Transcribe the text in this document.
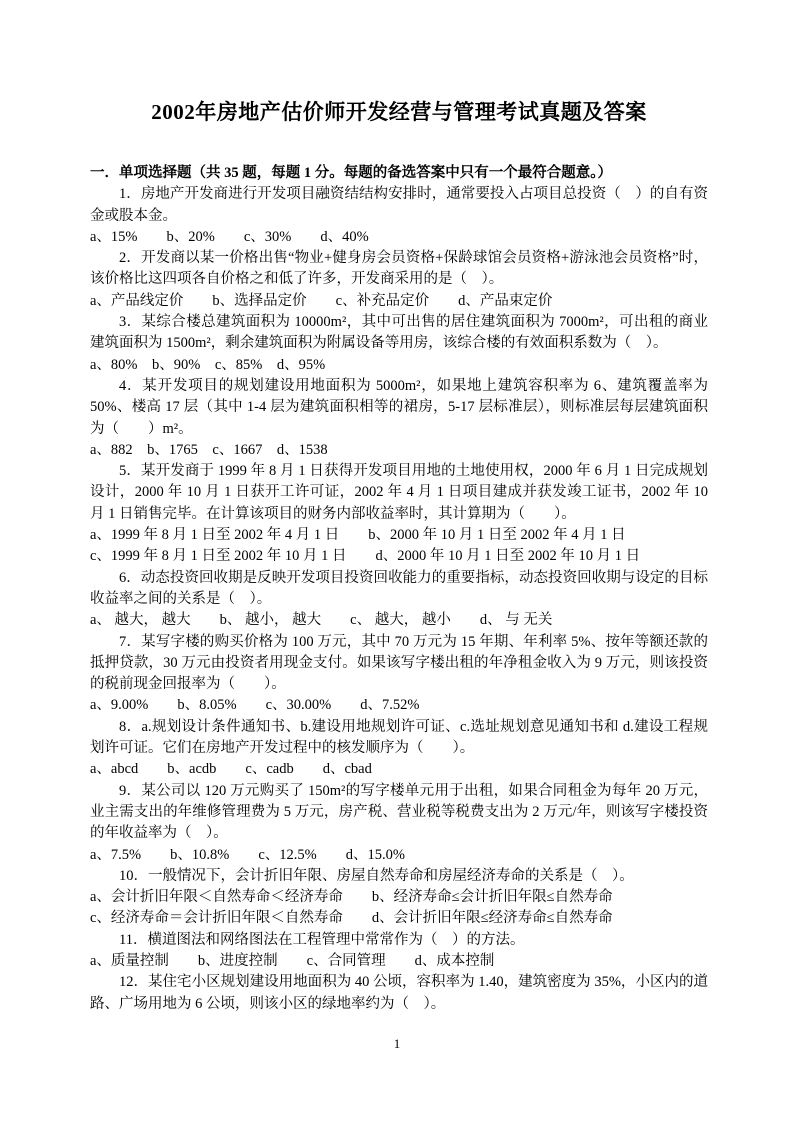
2002年房地产估价师开发经营与管理考试真题及答案

一．单项选择题（共 35 题，每题 1 分。每题的备选答案中只有一个最符合题意。）

1．房地产开发商进行开发项目融资结结构安排时，通常要投入占项目总投资（　）的自有资金或股本金。

a、15%　　b、20%　　c、30%　　d、40%

2．开发商以某一价格出售“物业+健身房会员资格+保龄球馆会员资格+游泳池会员资格”时，该价格比这四项各自价格之和低了许多，开发商采用的是（　）。

a、产品线定价　　b、选择品定价　　c、补充品定价　　d、产品束定价

3．某综合楼总建筑面积为 10000m²，其中可出售的居住建筑面积为 7000m²，可出租的商业建筑面积为 1500m²，剩余建筑面积为附属设备等用房，该综合楼的有效面积系数为（　）。

a、80%　b、90%　c、85%　d、95%

4．某开发项目的规划建设用地面积为 5000m²，如果地上建筑容积率为 6、建筑覆盖率为 50%、楼高 17 层（其中 1-4 层为建筑面积相等的裙房，5-17 层标准层），则标准层每层建筑面积为（　　）m²。

a、882　b、1765　c、1667　d、1538

5．某开发商于 1999 年 8 月 1 日获得开发项目用地的土地使用权，2000 年 6 月 1 日完成规划设计，2000 年 10 月 1 日获开工许可证，2002 年 4 月 1 日项目建成并获发竣工证书，2002 年 10 月 1 日销售完毕。在计算该项目的财务内部收益率时，其计算期为（　　）。

a、1999 年 8 月 1 日至 2002 年 4 月 1 日　　b、2000 年 10 月 1 日至 2002 年 4 月 1 日

c、1999 年 8 月 1 日至 2002 年 10 月 1 日　　d、2000 年 10 月 1 日至 2002 年 10 月 1 日

6．动态投资回收期是反映开发项目投资回收能力的重要指标，动态投资回收期与设定的目标收益率之间的关系是（　）。

a、 越大， 越大　　b、 越小， 越大　　c、 越大， 越小　　d、 与 无关

7．某写字楼的购买价格为 100 万元，其中 70 万元为 15 年期、年利率 5%、按年等额还款的抵押贷款，30 万元由投资者用现金支付。如果该写字楼出租的年净租金收入为 9 万元，则该投资的税前现金回报率为（　　）。

a、9.00%　　b、8.05%　　c、30.00%　　d、7.52%

8．a.规划设计条件通知书、b.建设用地规划许可证、c.选址规划意见通知书和 d.建设工程规划许可证。它们在房地产开发过程中的核发顺序为（　　）。

a、abcd　　b、acdb　　c、cadb　　d、cbad

9．某公司以 120 万元购买了 150m²的写字楼单元用于出租，如果合同租金为每年 20 万元，业主需支出的年维修管理费为 5 万元，房产税、营业税等税费支出为 2 万元/年，则该写字楼投资的年收益率为（　）。

a、7.5%　　b、10.8%　　c、12.5%　　d、15.0%

10．一般情况下，会计折旧年限、房屋自然寿命和房屋经济寿命的关系是（　）。

a、会计折旧年限＜自然寿命＜经济寿命　　b、经济寿命≤会计折旧年限≤自然寿命

c、经济寿命＝会计折旧年限＜自然寿命　　d、会计折旧年限≤经济寿命≤自然寿命

11．横道图法和网络图法在工程管理中常常作为（　）的方法。

a、质量控制　　b、进度控制　　c、合同管理　　d、成本控制

12．某住宅小区规划建设用地面积为 40 公顷，容积率为 1.40，建筑密度为 35%，小区内的道路、广场用地为 6 公顷，则该小区的绿地率约为（　）。

1
